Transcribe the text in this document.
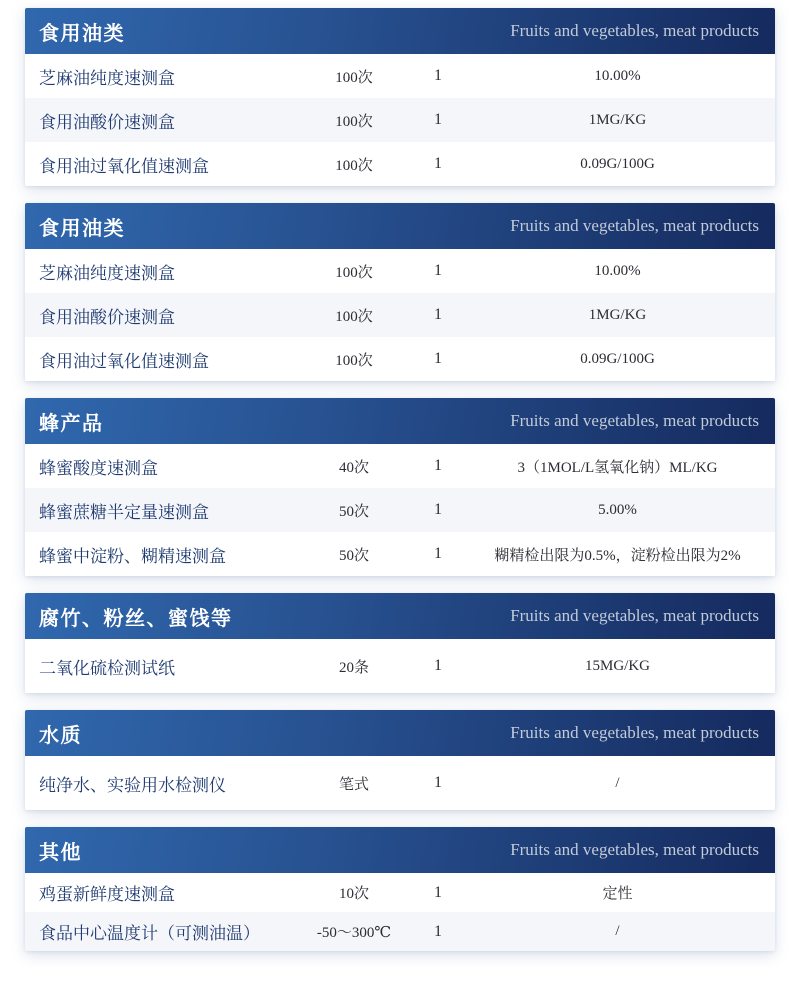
食用油类	Fruits and vegetables, meat products
芝麻油纯度速测盒	100次	1	10.00%
食用油酸价速测盒	100次	1	1MG/KG
食用油过氧化值速测盒	100次	1	0.09G/100G
食用油类	Fruits and vegetables, meat products
芝麻油纯度速测盒	100次	1	10.00%
食用油酸价速测盒	100次	1	1MG/KG
食用油过氧化值速测盒	100次	1	0.09G/100G
蜂产品	Fruits and vegetables, meat products
蜂蜜酸度速测盒	40次	1	3（1MOL/L氢氧化钠）ML/KG
蜂蜜蔗糖半定量速测盒	50次	1	5.00%
蜂蜜中淀粉、糊精速测盒	50次	1	糊精检出限为0.5%，淀粉检出限为2%
腐竹、粉丝、蜜饯等	Fruits and vegetables, meat products
二氧化硫检测试纸	20条	1	15MG/KG
水质	Fruits and vegetables, meat products
纯净水、实验用水检测仪	笔式	1	/
其他	Fruits and vegetables, meat products
鸡蛋新鲜度速测盒	10次	1	定性
食品中心温度计（可测油温）	-50～300℃	1	/
